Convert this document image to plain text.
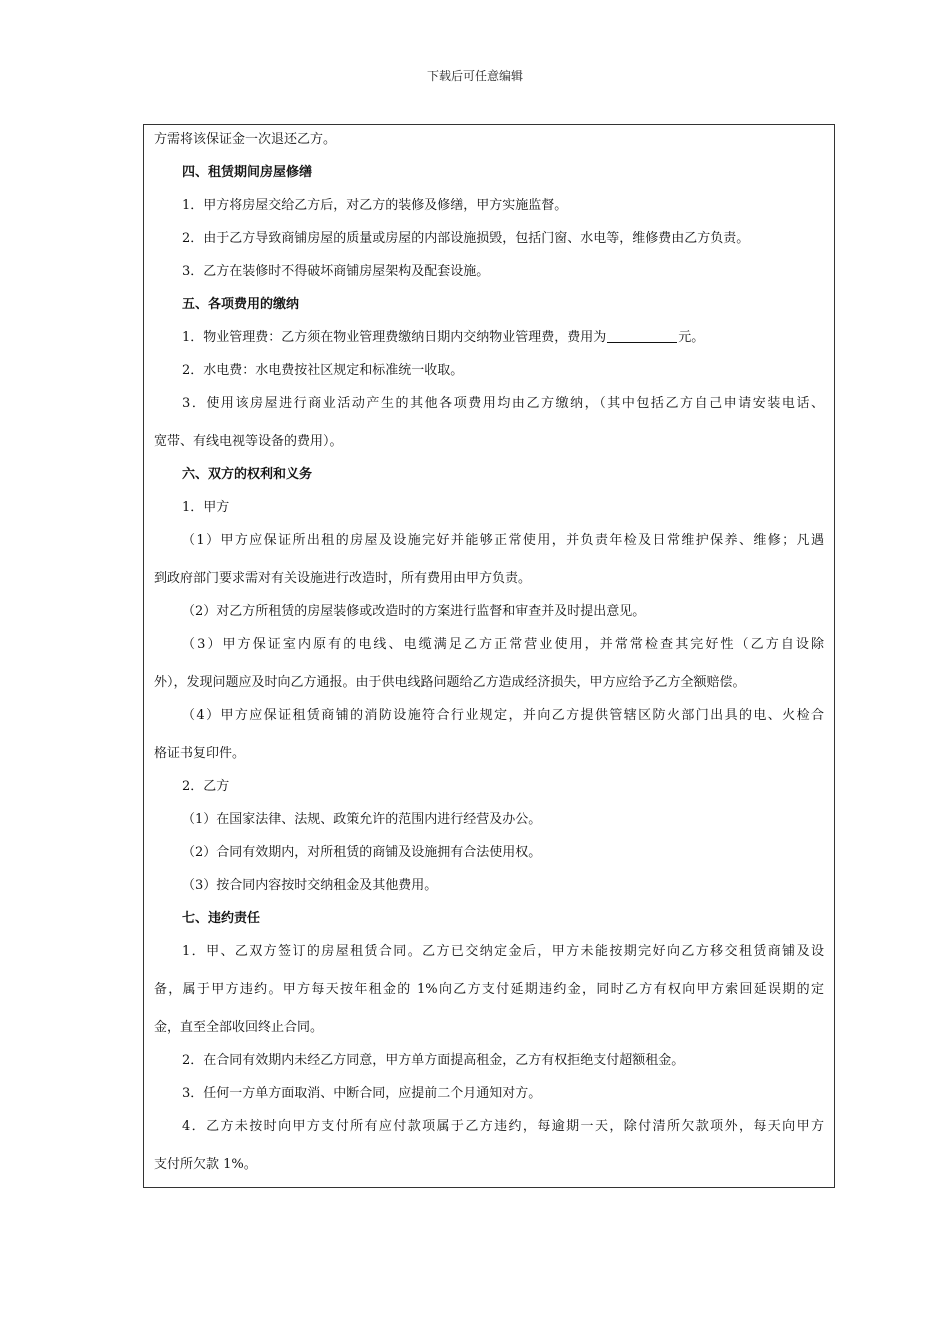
下载后可任意编辑

方需将该保证金一次退还乙方。

四、租赁期间房屋修缮

1．甲方将房屋交给乙方后，对乙方的装修及修缮，甲方实施监督。

2．由于乙方导致商铺房屋的质量或房屋的内部设施损毁，包括门窗、水电等，维修费由乙方负责。

3．乙方在装修时不得破坏商铺房屋架构及配套设施。

五、各项费用的缴纳

1．物业管理费：乙方须在物业管理费缴纳日期内交纳物业管理费，费用为	元。

2．水电费：水电费按社区规定和标准统一收取。

3．使用该房屋进行商业活动产生的其他各项费用均由乙方缴纳，（其中包括乙方自己申请安装电话、

宽带、有线电视等设备的费用）。

六、双方的权利和义务

1．甲方

（1）甲方应保证所出租的房屋及设施完好并能够正常使用，并负责年检及日常维护保养、维修；凡遇

到政府部门要求需对有关设施进行改造时，所有费用由甲方负责。

（2）对乙方所租赁的房屋装修或改造时的方案进行监督和审查并及时提出意见。

（3）甲方保证室内原有的电线、电缆满足乙方正常营业使用，并常常检查其完好性（乙方自设除

外），发现问题应及时向乙方通报。由于供电线路问题给乙方造成经济损失，甲方应给予乙方全额赔偿。

（4）甲方应保证租赁商铺的消防设施符合行业规定，并向乙方提供管辖区防火部门出具的电、火检合

格证书复印件。

2．乙方

（1）在国家法律、法规、政策允许的范围内进行经营及办公。

（2）合同有效期内，对所租赁的商铺及设施拥有合法使用权。

（3）按合同内容按时交纳租金及其他费用。

七、违约责任

1．甲、乙双方签订的房屋租赁合同。乙方已交纳定金后，甲方未能按期完好向乙方移交租赁商铺及设

备，属于甲方违约。甲方每天按年租金的 1%向乙方支付延期违约金，同时乙方有权向甲方索回延误期的定

金，直至全部收回终止合同。

2．在合同有效期内未经乙方同意，甲方单方面提高租金，乙方有权拒绝支付超额租金。

3．任何一方单方面取消、中断合同，应提前二个月通知对方。

4．乙方未按时向甲方支付所有应付款项属于乙方违约，每逾期一天，除付清所欠款项外，每天向甲方

支付所欠款 1%。
